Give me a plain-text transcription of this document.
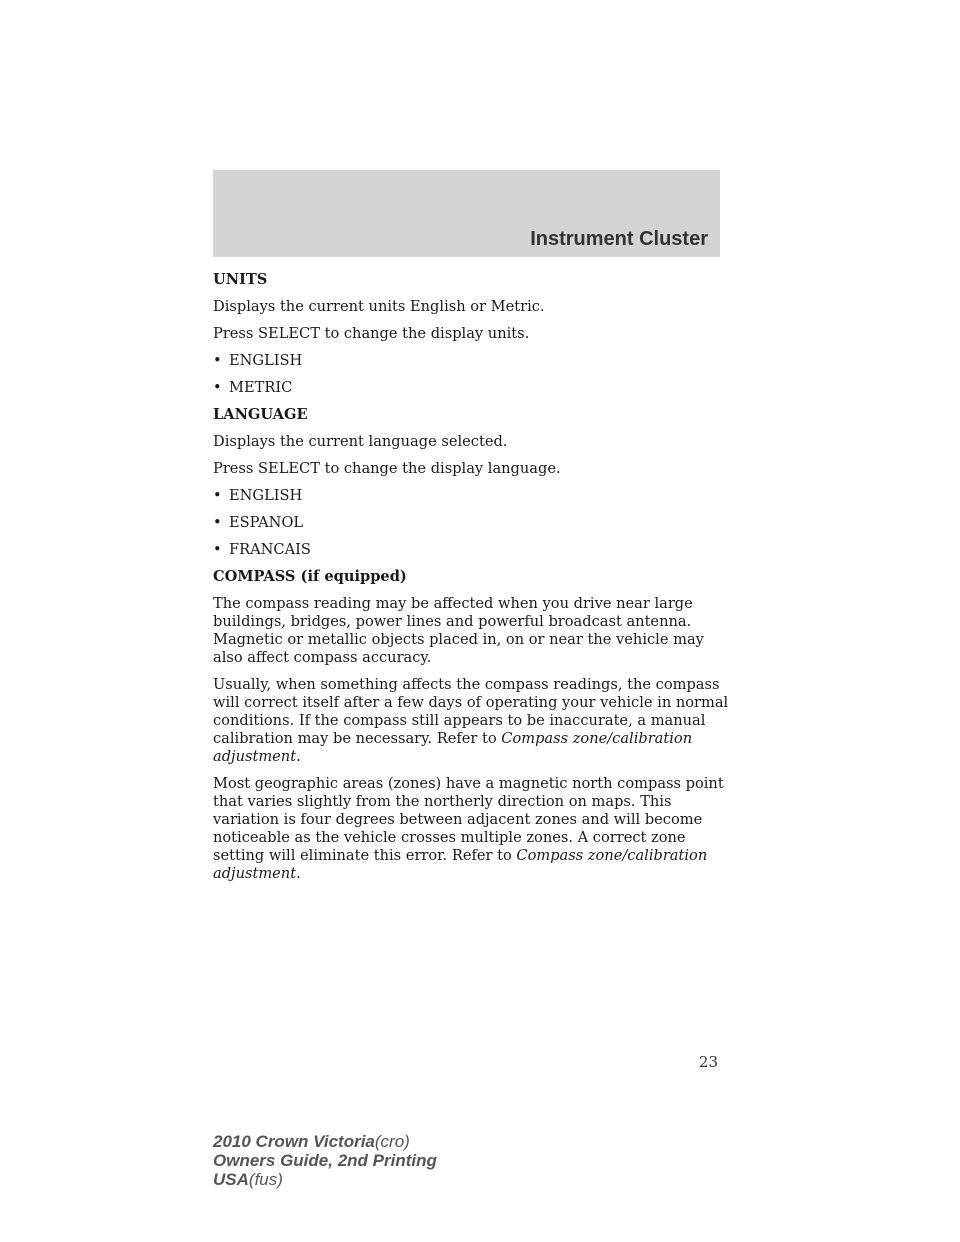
Instrument Cluster

UNITS

Displays the current units English or Metric.

Press SELECT to change the display units.

• ENGLISH
• METRIC

LANGUAGE

Displays the current language selected.

Press SELECT to change the display language.

• ENGLISH
• ESPANOL
• FRANCAIS

COMPASS (if equipped)

The compass reading may be affected when you drive near large buildings, bridges, power lines and powerful broadcast antenna. Magnetic or metallic objects placed in, on or near the vehicle may also affect compass accuracy.

Usually, when something affects the compass readings, the compass will correct itself after a few days of operating your vehicle in normal conditions. If the compass still appears to be inaccurate, a manual calibration may be necessary. Refer to Compass zone/calibration adjustment.

Most geographic areas (zones) have a magnetic north compass point that varies slightly from the northerly direction on maps. This variation is four degrees between adjacent zones and will become noticeable as the vehicle crosses multiple zones. A correct zone setting will eliminate this error. Refer to Compass zone/calibration adjustment.

23
2010 Crown Victoria(cro)
Owners Guide, 2nd Printing
USA(fus)
